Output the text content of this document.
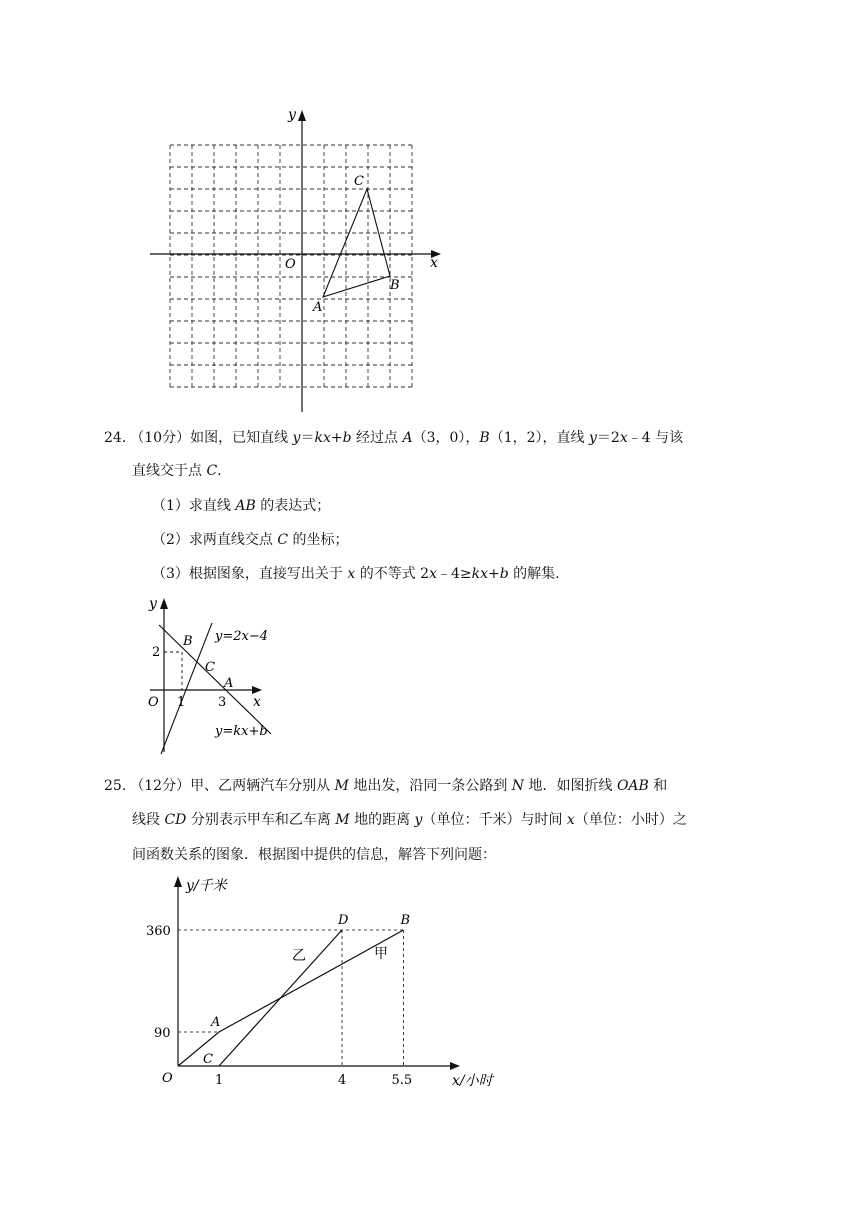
y
x
O
C
B
A
24. （10分）如图，已知直线 y＝kx+b 经过点 A（3，0），B（1，2），直线 y＝2x﹣4 与该
直线交于点 C.
（1）求直线 AB 的表达式；
（2）求两直线交点 C 的坐标；
（3）根据图象，直接写出关于 x 的不等式 2x﹣4≥kx+b 的解集.
y
x
O
2
1	3
B
C
A
y=2x−4
y=kx+b
25. （12分）甲、乙两辆汽车分别从 M 地出发，沿同一条公路到 N 地．如图折线 OAB 和
线段 CD 分别表示甲车和乙车离 M 地的距离 y（单位：千米）与时间 x（单位：小时）之
间函数关系的图象．根据图中提供的信息，解答下列问题：
甲
乙
A
B
D
C
1	4	5.5
90
360
y/千米
x/小时
O
